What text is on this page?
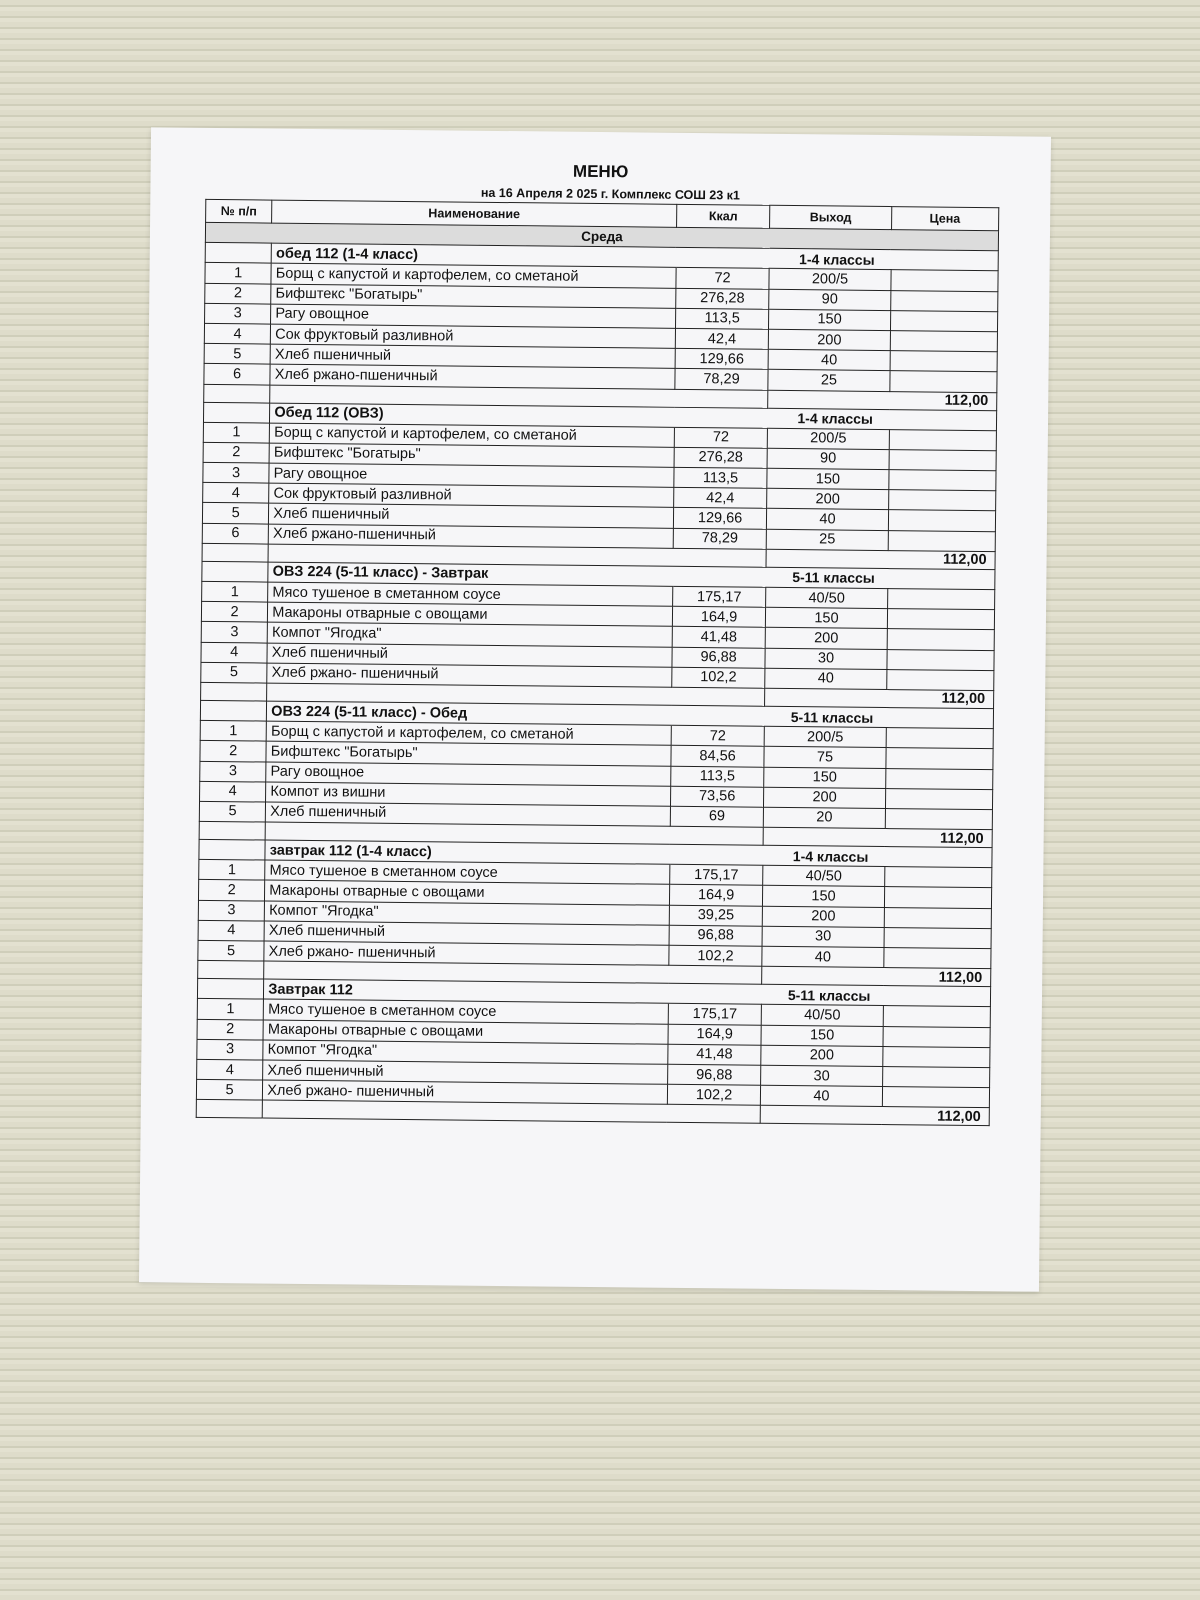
МЕНЮ
на 16 Апреля 2 025 г. Комплекс СОШ 23 к1
№ п/п	Наименование	Ккал	Выход	Цена
Среда				
	обед 112 (1-4 класс)	1-4 классы		
1	Борщ с капустой и картофелем, со сметаной	72	200/5	
2	Бифштекс "Богатырь"	276,28	90	
3	Рагу овощное	113,5	150	
4	Сок фруктовый разливной	42,4	200	
5	Хлеб пшеничный	129,66	40	
6	Хлеб ржано-пшеничный	78,29	25	
			112,00	
	Обед 112 (ОВЗ)	1-4 классы		
1	Борщ с капустой и картофелем, со сметаной	72	200/5	
2	Бифштекс "Богатырь"	276,28	90	
3	Рагу овощное	113,5	150	
4	Сок фруктовый разливной	42,4	200	
5	Хлеб пшеничный	129,66	40	
6	Хлеб ржано-пшеничный	78,29	25	
			112,00	
	ОВЗ 224 (5-11 класс) - Завтрак	5-11 классы		
1	Мясо тушеное в сметанном соусе	175,17	40/50	
2	Макароны отварные с овощами	164,9	150	
3	Компот "Ягодка"	41,48	200	
4	Хлеб пшеничный	96,88	30	
5	Хлеб ржано- пшеничный	102,2	40	
			112,00	
	ОВЗ 224 (5-11 класс) - Обед	5-11 классы		
1	Борщ с капустой и картофелем, со сметаной	72	200/5	
2	Бифштекс "Богатырь"	84,56	75	
3	Рагу овощное	113,5	150	
4	Компот из вишни	73,56	200	
5	Хлеб пшеничный	69	20	
			112,00	
	завтрак 112 (1-4 класс)	1-4 классы		
1	Мясо тушеное в сметанном соусе	175,17	40/50	
2	Макароны отварные с овощами	164,9	150	
3	Компот "Ягодка"	39,25	200	
4	Хлеб пшеничный	96,88	30	
5	Хлеб ржано- пшеничный	102,2	40	
			112,00	
	Завтрак 112	5-11 классы		
1	Мясо тушеное в сметанном соусе	175,17	40/50	
2	Макароны отварные с овощами	164,9	150	
3	Компот "Ягодка"	41,48	200	
4	Хлеб пшеничный	96,88	30	
5	Хлеб ржано- пшеничный	102,2	40	
			112,00	
